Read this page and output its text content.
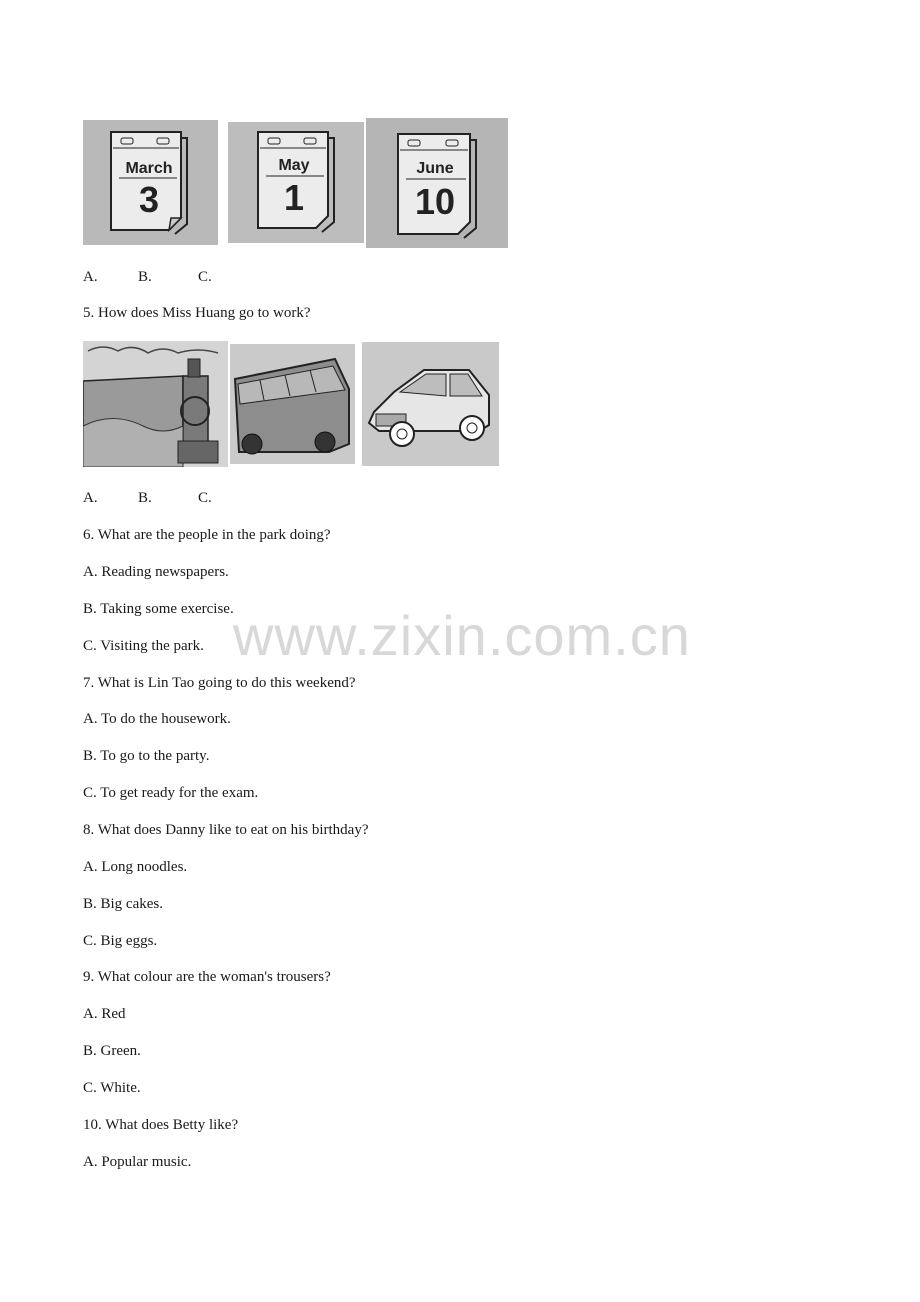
March
3
May
1
June
10
A.	B.	C.
5. How does Miss Huang go to work?
A.	B.	C.
6. What are the people in the park doing?
A. Reading newspapers.
B. Taking some exercise.
C. Visiting the park.
7. What is Lin Tao going to do this weekend?
A. To do the housework.
B. To go to the party.
C. To get ready for the exam.
8. What does Danny like to eat on his birthday?
A. Long noodles.
B. Big cakes.
C. Big eggs.
9. What colour are the woman's trousers?
A. Red
B. Green.
C. White.
10. What does Betty like?
A. Popular music.
www.zixin.com.cn
